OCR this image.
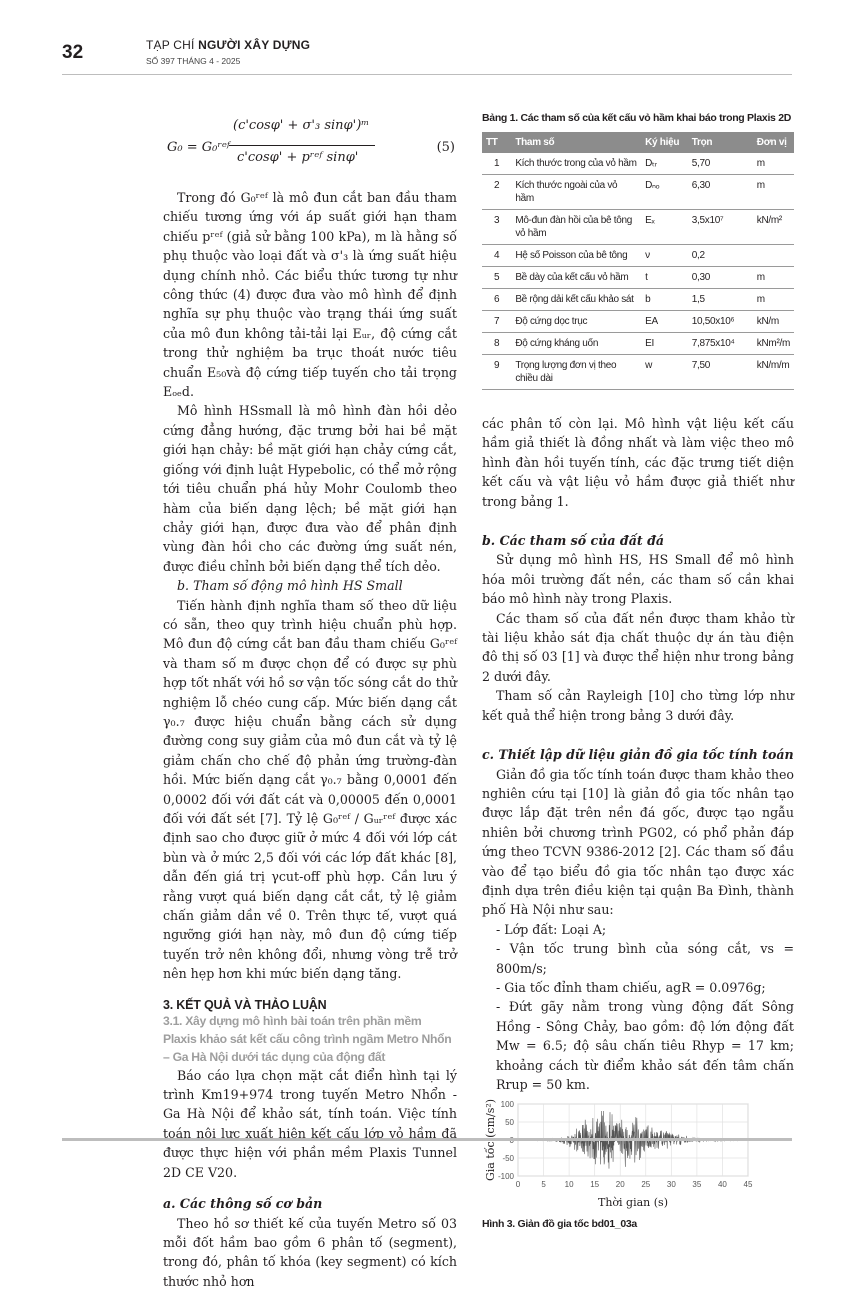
32	TẠP CHÍ NGƯỜI XÂY DỰNG
SỐ 397 THÁNG 4 - 2025
G₀ = G₀ʳᵉᶠ
(c'cosφ' + σ'₃ sinφ')ᵐ
c'cosφ' + pʳᵉᶠ sinφ'
(5)

Trong đó G₀ʳᵉᶠ là mô đun cắt ban đầu tham chiếu tương ứng với áp suất giới hạn tham chiếu pʳᵉᶠ (giả sử bằng 100 kPa), m là hằng số phụ thuộc vào loại đất và σ'₃ là ứng suất hiệu dụng chính nhỏ. Các biểu thức tương tự như công thức (4) được đưa vào mô hình để định nghĩa sự phụ thuộc vào trạng thái ứng suất của mô đun không tải-tải lại Eᵤᵣ, độ cứng cắt trong thử nghiệm ba trục thoát nước tiêu chuẩn E₅₀và độ cứng tiếp tuyến cho tải trọng Eₒₑd.

Mô hình HSsmall là mô hình đàn hồi dẻo cứng đẳng hướng, đặc trưng bởi hai bề mặt giới hạn chảy: bề mặt giới hạn chảy cứng cắt, giống với định luật Hypebolic, có thể mở rộng tới tiêu chuẩn phá hủy Mohr Coulomb theo hàm của biến dạng lệch; bề mặt giới hạn chảy giới hạn, được đưa vào để phân định vùng đàn hồi cho các đường ứng suất nén, được điều chỉnh bởi biến dạng thể tích dẻo.

b. Tham số động mô hình HS Small

Tiến hành định nghĩa tham số theo dữ liệu có sẵn, theo quy trình hiệu chuẩn phù hợp. Mô đun độ cứng cắt ban đầu tham chiếu G₀ʳᵉᶠ và tham số m được chọn để có được sự phù hợp tốt nhất với hồ sơ vận tốc sóng cắt do thử nghiệm lỗ chéo cung cấp. Mức biến dạng cắt γ₀.₇ được hiệu chuẩn bằng cách sử dụng đường cong suy giảm của mô đun cắt và tỷ lệ giảm chấn cho chế độ phản ứng trường-đàn hồi. Mức biến dạng cắt γ₀.₇ bằng 0,0001 đến 0,0002 đối với đất cát và 0,00005 đến 0,0001 đối với đất sét [7]. Tỷ lệ G₀ʳᵉᶠ / Gᵤᵣʳᵉᶠ được xác định sao cho được giữ ở mức 4 đối với lớp cát bùn và ở mức 2,5 đối với các lớp đất khác [8], dẫn đến giá trị γcut-off phù hợp. Cần lưu ý rằng vượt quá biến dạng cắt cắt, tỷ lệ giảm chấn giảm dần về 0. Trên thực tế, vượt quá ngưỡng giới hạn này, mô đun độ cứng tiếp tuyến trở nên không đổi, nhưng vòng trễ trở nên hẹp hơn khi mức biến dạng tăng.

3. KẾT QUẢ VÀ THẢO LUẬN

3.1. Xây dựng mô hình bài toán trên phần mềm Plaxis khảo sát kết cấu công trình ngầm Metro Nhổn – Ga Hà Nội dưới tác dụng của động đất

Báo cáo lựa chọn mặt cắt điển hình tại lý trình Km19+974 trong tuyến Metro Nhổn - Ga Hà Nội để khảo sát, tính toán. Việc tính toán nội lực xuất hiện kết cấu lớp vỏ hầm đã được thực hiện với phần mềm Plaxis Tunnel 2D CE V20.

a. Các thông số cơ bản

Theo hồ sơ thiết kế của tuyến Metro số 03 mỗi đốt hầm bao gồm 6 phân tố (segment), trong đó, phân tố khóa (key segment) có kích thước nhỏ hơn

Bảng 1. Các tham số của kết cấu vỏ hầm khai báo trong Plaxis 2D

TT	Tham số	Ký hiệu	Trọn	Đơn vị
1	Kích thước trong của vỏ hầm	Dₜᵣ	5,70	m
2	Kích thước ngoài của vỏ hầm	Dₙₒ	6,30	m
3	Mô-đun đàn hồi của bê tông vỏ hầm	Eₓ	3,5x10⁷	kN/m²
4	Hệ số Poisson của bê tông	ν	0,2	
5	Bề dày của kết cấu vỏ hầm	t	0,30	m
6	Bề rộng dải kết cấu khảo sát	b	1,5	m
7	Độ cứng dọc trục	EA	10,50x10⁶	kN/m
8	Độ cứng kháng uốn	EI	7,875x10⁴	kNm²/m
9	Trọng lượng đơn vị theo chiều dài	w	7,50	kN/m/m

các phân tố còn lại. Mô hình vật liệu kết cấu hầm giả thiết là đồng nhất và làm việc theo mô hình đàn hồi tuyến tính, các đặc trưng tiết diện kết cấu và vật liệu vỏ hầm được giả thiết như trong bảng 1.

b. Các tham số của đất đá

Sử dụng mô hình HS, HS Small để mô hình hóa môi trường đất nền, các tham số cần khai báo mô hình này trong Plaxis.

Các tham số của đất nền được tham khảo từ tài liệu khảo sát địa chất thuộc dự án tàu điện đô thị số 03 [1] và được thể hiện như trong bảng 2 dưới đây.

Tham số cản Rayleigh [10] cho từng lớp như kết quả thể hiện trong bảng 3 dưới đây.

c. Thiết lập dữ liệu giản đồ gia tốc tính toán

Giản đồ gia tốc tính toán được tham khảo theo nghiên cứu tại [10] là giản đồ gia tốc nhân tạo được lắp đặt trên nền đá gốc, được tạo ngẫu nhiên bởi chương trình PG02, có phổ phản đáp ứng theo TCVN 9386-2012 [2]. Các tham số đầu vào để tạo biểu đồ gia tốc nhân tạo được xác định dựa trên điều kiện tại quận Ba Đình, thành phố Hà Nội như sau:

- Lớp đất: Loại A;

- Vận tốc trung bình của sóng cắt, vs = 800m/s;

- Gia tốc đỉnh tham chiếu, agR = 0.0976g;

- Đứt gãy nằm trong vùng động đất Sông Hồng - Sông Chảy, bao gồm: độ lớn động đất Mw = 6.5; độ sâu chấn tiêu Rhyp = 17 km; khoảng cách từ điểm khảo sát đến tâm chấn Rrup = 50 km.

0	5 10 15 20 25 30 35 40 45
100
50
0
-50
-100
Thời gian (s)
Gia tốc (cm/s²)

Hình 3. Giản đồ gia tốc bd01_03a
